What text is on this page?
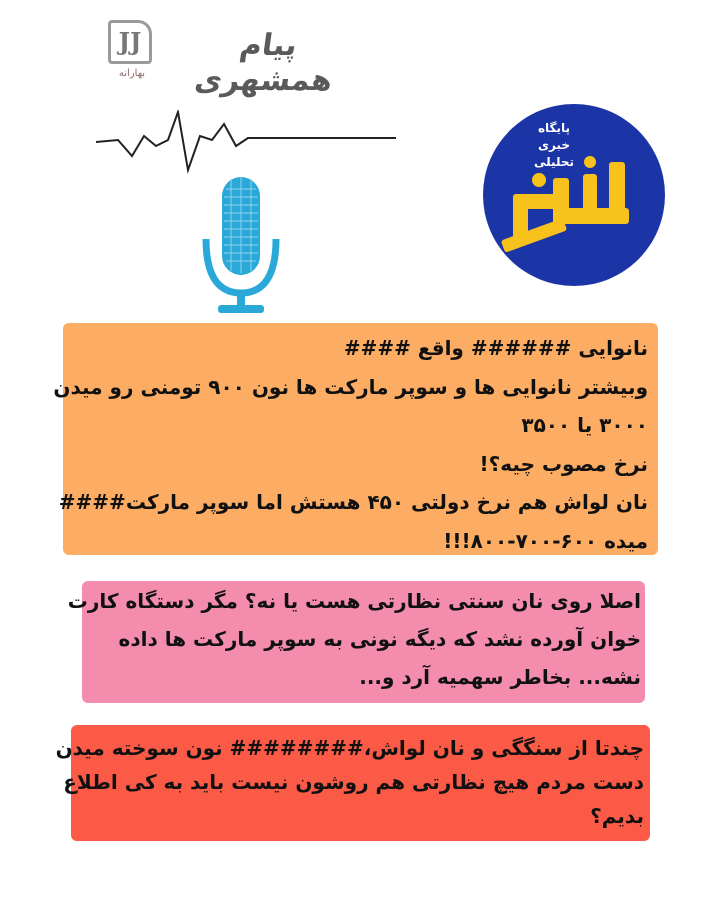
JJ
بهارانه
پیام همشهری
پایگاه
خبری
تحلیلی

نانوایی ###### واقع ####

وبیشتر نانوایی ها و سوپر مارکت ها نون ۹۰۰ تومنی رو میدن

۳۰۰۰ یا ۳۵۰۰

نرخ مصوب چیه؟!

نان لواش هم نرخ دولتی ۴۵۰ هستش اما سوپر مارکت####

میده ۶۰۰-۷۰۰-۸۰۰!!!

اصلا روی نان سنتی نظارتی هست یا نه؟ مگر دستگاه کارت

خوان آورده نشد که دیگه نونی به سوپر مارکت ها داده

نشه... بخاطر سهمیه آرد و...

چندتا از سنگگی و نان لواش،######## نون سوخته میدن

دست مردم هیچ نظارتی هم روشون نیست باید به کی اطلاع

بدیم؟
